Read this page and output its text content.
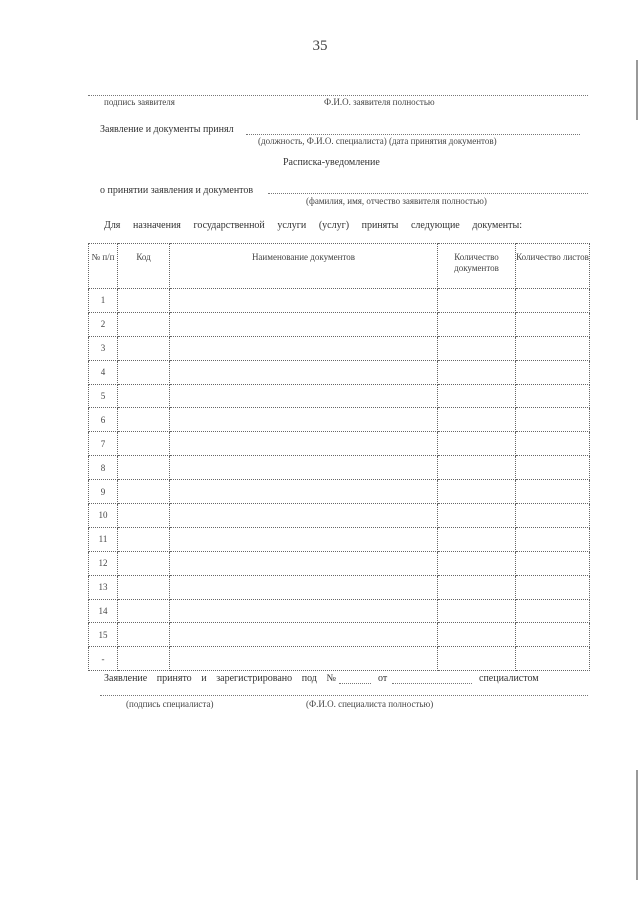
35
подпись заявителя	Ф.И.О. заявителя полностью
Заявление и документы принял
(должность, Ф.И.О. специалиста) (дата принятия документов)
Расписка-уведомление
о принятии заявления и документов
(фамилия, имя, отчество заявителя полностью)
Для назначения государственной услуги (услуг) приняты следующие документы:
№ п/п	Код	Наименование документов	Количество документов	Количество листов
1				
2				
3				
4				
5				
6				
7				
8				
9				
10				
11				
12				
13				
14				
15				
-				
Заявление принято и зарегистрировано под №	от	специалистом
(подпись специалиста)	(Ф.И.О. специалиста полностью)
